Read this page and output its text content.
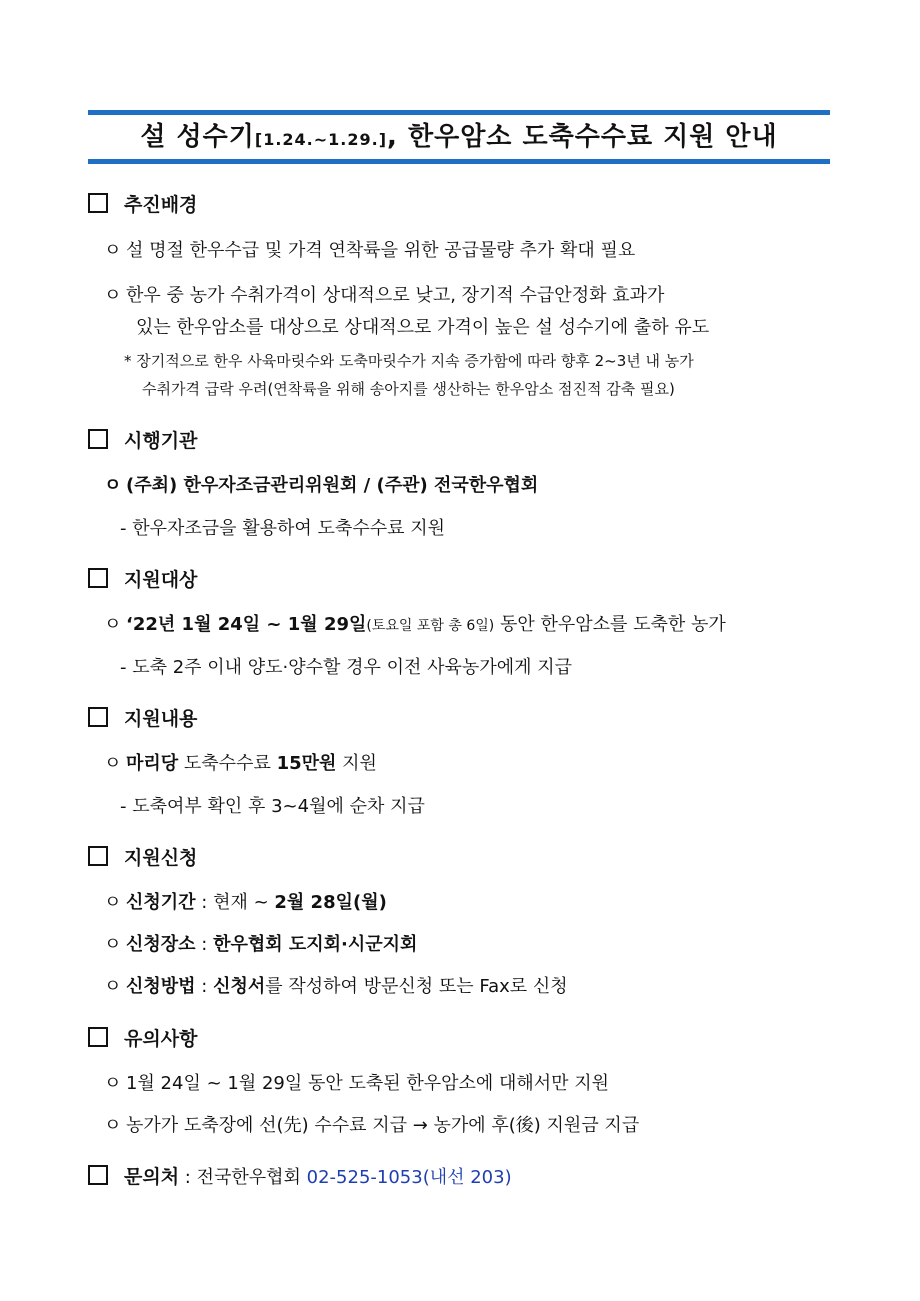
설 성수기[1.24.~1.29.], 한우암소 도축수수료 지원 안내
추진배경
ㅇ 설 명절 한우수급 및 가격 연착륙을 위한 공급물량 추가 확대 필요
ㅇ 한우 중 농가 수취가격이 상대적으로 낮고, 장기적 수급안정화 효과가
있는 한우암소를 대상으로 상대적으로 가격이 높은 설 성수기에 출하 유도
* 장기적으로 한우 사육마릿수와 도축마릿수가 지속 증가함에 따라 향후 2~3년 내 농가
수취가격 급락 우려(연착륙을 위해 송아지를 생산하는 한우암소 점진적 감축 필요)
시행기관
ㅇ (주최) 한우자조금관리위원회 / (주관) 전국한우협회
- 한우자조금을 활용하여 도축수수료 지원
지원대상
ㅇ ‘22년 1월 24일 ~ 1월 29일(토요일 포함 총 6일) 동안 한우암소를 도축한 농가
- 도축 2주 이내 양도·양수할 경우 이전 사육농가에게 지급
지원내용
ㅇ 마리당 도축수수료 15만원 지원
- 도축여부 확인 후 3~4월에 순차 지급
지원신청
ㅇ 신청기간 : 현재 ~ 2월 28일(월)
ㅇ 신청장소 : 한우협회 도지회·시군지회
ㅇ 신청방법 : 신청서를 작성하여 방문신청 또는 Fax로 신청
유의사항
ㅇ 1월 24일 ~ 1월 29일 동안 도축된 한우암소에 대해서만 지원
ㅇ 농가가 도축장에 선(先) 수수료 지급 → 농가에 후(後) 지원금 지급
문의처 : 전국한우협회 02-525-1053(내선 203)
